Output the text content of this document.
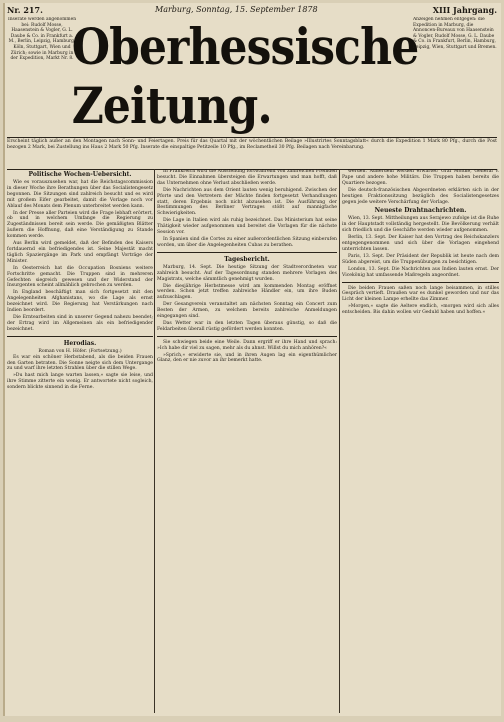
Nr. 217.	Marburg, Sonntag, 15. September 1878	XIII Jahrgang.
Inserate werden angenommen bei: Rudolf Mosse, Haasenstein & Vogler, G. L. Daube & Co. in Frankfurt a. M., Berlin, Leipzig, Hamburg, Köln, Stuttgart, Wien und Zürich; sowie in Marburg in der Expedition, Markt Nr. 8.
Oberhessische Zeitung.
Anzeigen nehmen entgegen: die Expedition in Marburg, die Annoncen-Bureaux von Haasenstein & Vogler, Rudolf Mosse, G. L. Daube & Co. in Frankfurt, Berlin, Hamburg, Leipzig, Wien, Stuttgart und Bremen.
Erscheint täglich außer an den Montagen nach Sonn- und Feiertagen. Preis für das Quartal mit der wöchentlichen Beilage »Illustrirtes Sonntagsblatt« durch die Expedition 1 Mark 80 Pfg., durch die Post bezogen 2 Mark, bei Zustellung ins Haus 2 Mark 50 Pfg. Inserate die einspaltige Petitzeile 10 Pfg., im Reclametheil 30 Pfg. Beilagen nach Vereinbarung.
Politische Wochen-Uebersicht.

Wie es vorauszusehen war, hat die Reichstagscommission in dieser Woche ihre Berathungen über das Socialistengesetz begonnen. Die Sitzungen sind zahlreich besucht und es wird mit großem Eifer gearbeitet, damit die Vorlage noch vor Ablauf des Monats dem Plenum unterbreitet werden kann.

In der Presse aller Parteien wird die Frage lebhaft erörtert, ob und in welchem Umfange die Regierung zu Zugeständnissen bereit sein werde. Die gemäßigten Blätter äußern die Hoffnung, daß eine Verständigung zu Stande kommen werde.

Aus Berlin wird gemeldet, daß der Befinden des Kaisers fortdauernd ein befriedigendes ist. Seine Majestät macht täglich Spaziergänge im Park und empfängt Vorträge der Minister.

In Oesterreich hat die Occupation Bosniens weitere Fortschritte gemacht. Die Truppen sind in mehreren Gefechten siegreich gewesen und der Widerstand der Insurgenten scheint allmählich gebrochen zu werden.

In England beschäftigt man sich fortgesetzt mit den Angelegenheiten Afghanistans, wo die Lage als ernst bezeichnet wird. Die Regierung hat Verstärkungen nach Indien beordert.

Die Erntearbeiten sind in unserer Gegend nahezu beendet; der Ertrag wird im Allgemeinen als ein befriedigender bezeichnet.

Herodias.
Roman von H. Höfer. (Fortsetzung.)

Es war ein schöner Herbstabend, als die beiden Frauen den Garten betraten. Die Sonne neigte sich dem Untergange zu und warf ihre letzten Strahlen über die stillen Wege.

»Du hast mich lange warten lassen,« sagte sie leise, und ihre Stimme zitterte ein wenig. Er antwortete nicht sogleich, sondern blickte sinnend in die Ferne.

In Frankreich wird die Ausstellung fortwährend von zahlreichen Fremden besucht. Die Einnahmen übersteigen die Erwartungen und man hofft, daß das Unternehmen ohne Verlust abschließen werde.

Die Nachrichten aus dem Orient lauten wenig beruhigend. Zwischen der Pforte und den Vertretern der Mächte finden fortgesetzt Verhandlungen statt, deren Ergebnis noch nicht abzusehen ist. Die Ausführung der Bestimmungen des Berliner Vertrages stößt auf mannigfache Schwierigkeiten.

Die Lage in Italien wird als ruhig bezeichnet. Das Ministerium hat seine Thätigkeit wieder aufgenommen und bereitet die Vorlagen für die nächste Session vor.

In Spanien sind die Cortes zu einer außerordentlichen Sitzung einberufen worden, um über die Angelegenheiten Cubas zu berathen.

Tagesbericht.

Marburg, 14. Sept. Die heutige Sitzung der Stadtverordneten war zahlreich besucht. Auf der Tagesordnung standen mehrere Vorlagen des Magistrats, welche sämmtlich genehmigt wurden.

Die diesjährige Herbstmesse wird am kommenden Montag eröffnet werden. Schon jetzt treffen zahlreiche Händler ein, um ihre Buden aufzuschlagen.

Der Gesangverein veranstaltet am nächsten Sonntag ein Concert zum Besten der Armen, zu welchem bereits zahlreiche Anmeldungen eingegangen sind.

Das Wetter war in den letzten Tagen überaus günstig, so daß die Feldarbeiten überall rüstig gefördert werden konnten.

Sie schwiegen beide eine Weile. Dann ergriff er ihre Hand und sprach: »Ich habe dir viel zu sagen, mehr als du ahnst. Willst du mich anhören?«

»Sprich,« erwiderte sie, und in ihren Augen lag ein eigenthümlicher Glanz, den er nie zuvor an ihr bemerkt hatte.

werden. Außerdem werden erwartet: Graf Moltke, General v. Pape und andere hohe Militärs. Die Truppen haben bereits die Quartiere bezogen.

Die deutsch-französischen Abgeordneten erklärten sich in der heutigen Fraktionssitzung bezüglich des Socialistengesetzes gegen jede weitere Verschärfung der Vorlage.

Neueste Drahtnachrichten.

Wien, 13. Sept. Mittheilungen aus Serajewo zufolge ist die Ruhe in der Hauptstadt vollständig hergestellt. Die Bevölkerung verhält sich friedlich und die Geschäfte werden wieder aufgenommen.

Berlin, 13. Sept. Der Kaiser hat den Vortrag des Reichskanzlers entgegengenommen und sich über die Vorlagen eingehend unterrichten lassen.

Paris, 13. Sept. Der Präsident der Republik ist heute nach dem Süden abgereist, um die Truppenübungen zu besichtigen.

London, 13. Sept. Die Nachrichten aus Indien lauten ernst. Der Vicekönig hat umfassende Maßregeln angeordnet.

Die beiden Frauen saßen noch lange beisammen, in stilles Gespräch vertieft. Draußen war es dunkel geworden und nur das Licht der kleinen Lampe erhellte das Zimmer.

»Morgen,« sagte die Aeltere endlich, »morgen wird sich alles entscheiden. Bis dahin wollen wir Geduld haben und hoffen.«
